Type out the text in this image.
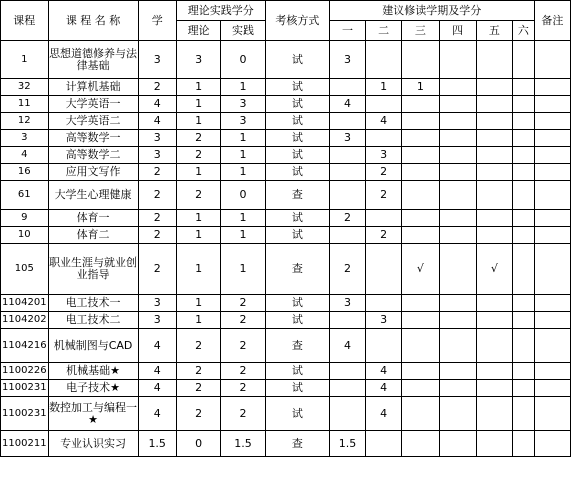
课程	课 程 名 称	学	理论实践学分		考核方式	建议修读学期及学分						备注
			理论	实践		一	二	三	四	五	六	
1	思想道德修养与法律基础	3	3	0	试	3						
32	计算机基础	2	1	1	试		1	1				
11	大学英语一	4	1	3	试	4						
12	大学英语二	4	1	3	试		4					
3	高等数学一	3	2	1	试	3						
4	高等数学二	3	2	1	试		3					
16	应用文写作	2	1	1	试		2					
61	大学生心理健康	2	2	0	查		2					
9	体育一	2	1	1	试	2						
10	体育二	2	1	1	试		2					
105	职业生涯与就业创业指导	2	1	1	查	2		√		√		
1104201	电工技术一	3	1	2	试	3						
1104202	电工技术二	3	1	2	试		3					
1104216	机械制图与CAD	4	2	2	查	4						
1100226	机械基础★	4	2	2	试		4					
1100231	电子技术★	4	2	2	试		4					
1100231	数控加工与编程一★	4	2	2	试		4					
1100211	专业认识实习	1.5	0	1.5	查	1.5						
